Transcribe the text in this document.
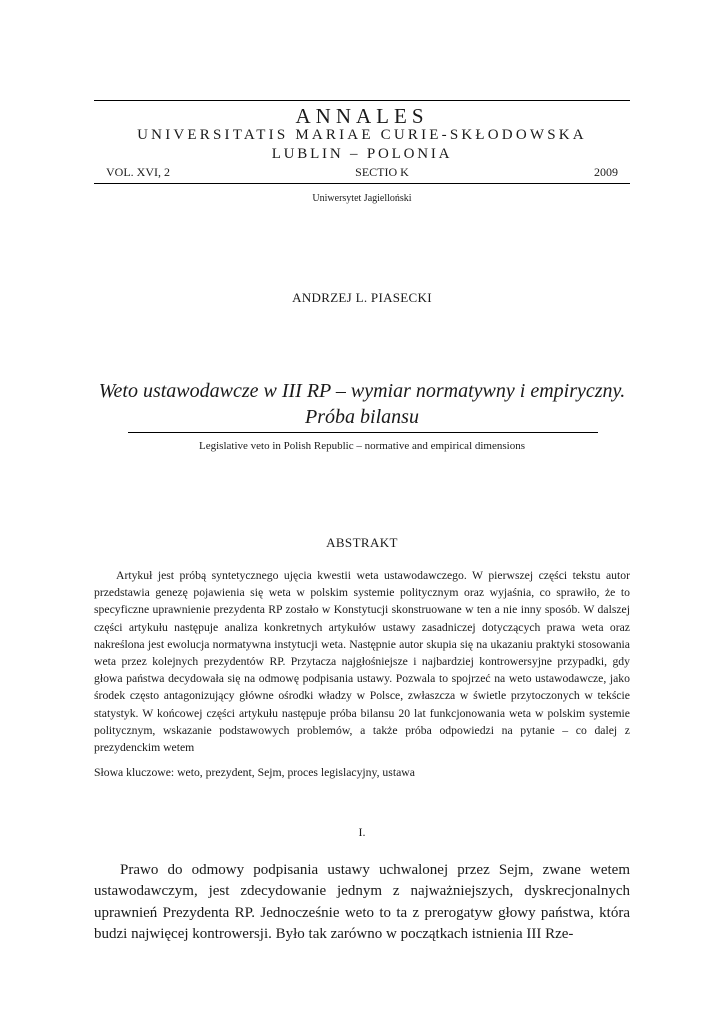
ANNALES
UNIVERSITATIS MARIAE CURIE-SKŁODOWSKA
LUBLIN – POLONIA
VOL. XVI, 2	SECTIO K	2009
Uniwersytet Jagielloński
ANDRZEJ L. PIASECKI
Weto ustawodawcze w III RP – wymiar normatywny i empiryczny.
Próba bilansu
Legislative veto in Polish Republic – normative and empirical dimensions
ABSTRAKT

Artykuł jest próbą syntetycznego ujęcia kwestii weta ustawodawczego. W pierwszej części tekstu autor przedstawia genezę pojawienia się weta w polskim systemie politycznym oraz wyjaśnia, co sprawiło, że to specyficzne uprawnienie prezydenta RP zostało w Konstytucji skonstruowane w ten a nie inny sposób. W dalszej części artykułu następuje analiza konkretnych artykułów ustawy zasadniczej dotyczących prawa weta oraz nakreślona jest ewolucja normatywna instytucji weta. Następnie autor skupia się na ukazaniu praktyki stosowania weta przez kolejnych prezydentów RP. Przytacza najgłośniejsze i najbardziej kontrowersyjne przypadki, gdy głowa państwa decydowała się na odmowę podpisania ustawy. Pozwala to spojrzeć na weto ustawodawcze, jako środek często antagonizujący główne ośrodki władzy w Polsce, zwłaszcza w świetle przytoczonych w tekście statystyk. W końcowej części artykułu następuje próba bilansu 20 lat funkcjonowania weta w polskim systemie politycznym, wskazanie podstawowych problemów, a także próba odpowiedzi na pytanie – co dalej z prezydenckim wetem

Słowa kluczowe: weto, prezydent, Sejm, proces legislacyjny, ustawa
I.

Prawo do odmowy podpisania ustawy uchwalonej przez Sejm, zwane wetem ustawodawczym, jest zdecydowanie jednym z najważniejszych, dyskrecjonalnych uprawnień Prezydenta RP. Jednocześnie weto to ta z prerogatyw głowy państwa, która budzi najwięcej kontrowersji. Było tak zarówno w początkach istnienia III Rze-
